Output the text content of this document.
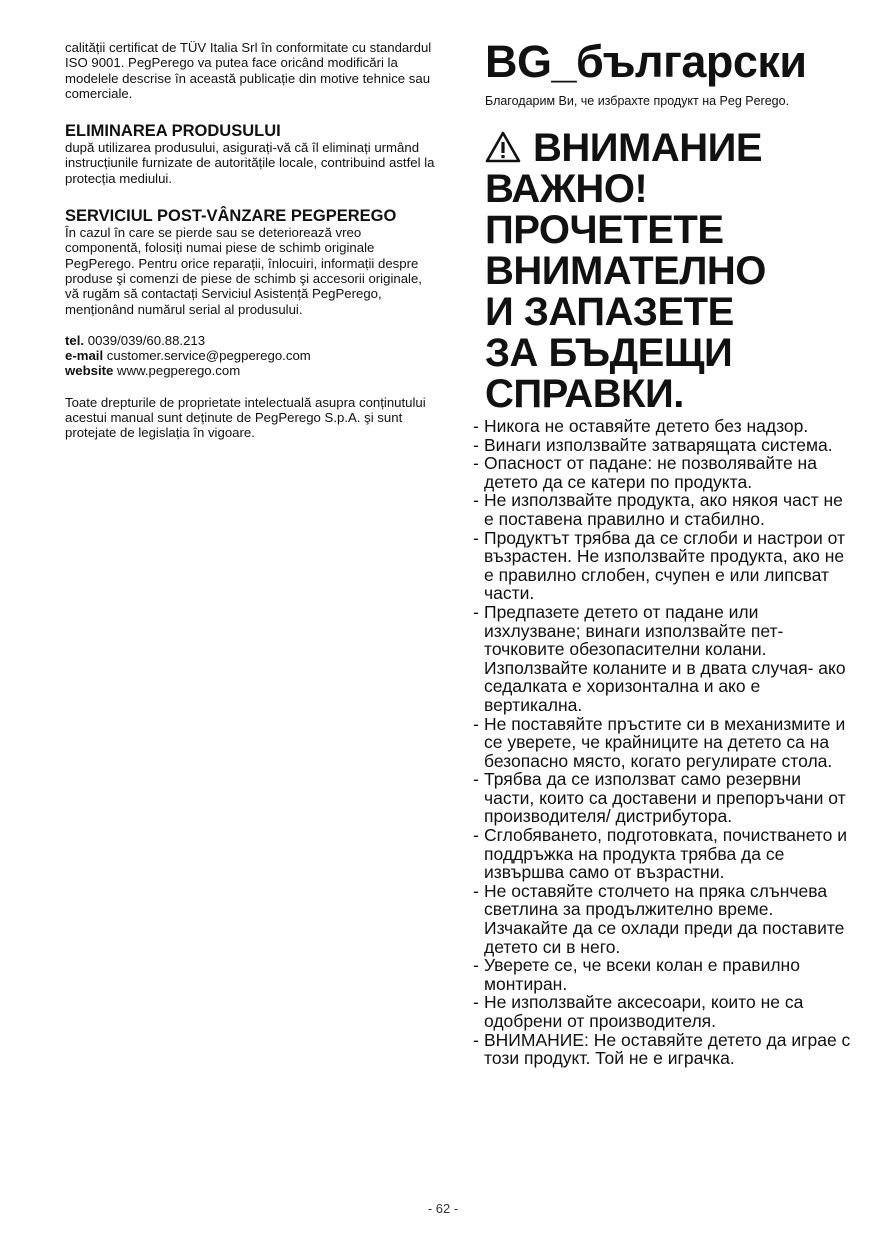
calității certificat de TÜV Italia Srl în conformitate cu standardul ISO 9001. PegPerego va putea face oricând modificări la modelele descrise în această publicație din motive tehnice sau comerciale.

ELIMINAREA PRODUSULUI

după utilizarea produsului, asigurați-vă că îl eliminați urmând instrucțiunile furnizate de autoritățile locale, contribuind astfel la protecția mediului.

SERVICIUL POST-VÂNZARE PEGPEREGO

În cazul în care se pierde sau se deteriorează vreo componentă, folosiți numai piese de schimb originale PegPerego. Pentru orice reparații, înlocuiri, informații despre produse şi comenzi de piese de schimb şi accesorii originale, vă rugăm să contactați Serviciul Asistență PegPerego, menționând numărul serial al produsului.

tel. 0039/039/60.88.213

e-mail customer.service@pegperego.com

website www.pegperego.com

Toate drepturile de proprietate intelectuală asupra conținutului acestui manual sunt deținute de PegPerego S.p.A. şi sunt protejate de legislația în vigoare.

BG_български
Благодарим Ви, че избрахте продукт на Peg Perego.
ВНИМАНИЕ
ВАЖНО!
ПРОЧЕТЕТЕ
ВНИМАТЕЛНО
И ЗАПАЗЕТЕ
ЗА БЪДЕЩИ
СПРАВКИ.
- Никога не оставяйте детето без надзор.
- Винаги използвайте затварящата система.
- Опасност от падане: не позволявайте на детето да се катери по продукта.
- Не използвайте продукта, ако някоя част не е поставена правилно и стабилно.
- Продуктът трябва да се сглоби и настрои от възрастен. Не използвайте продукта, ако не е правилно сглобен, счупен е или липсват части.
- Предпазете детето от падане или изхлузване; винаги използвайте пет-точковите обезопасителни колани. Използвайте коланите и в двата случая- ако седалката е хоризонтална и ако е вертикална.
- Не поставяйте пръстите си в механизмите и се уверете, че крайниците на детето са на безопасно място, когато регулирате стола.
- Трябва да се използват само резервни части, които са доставени и препоръчани от производителя/ дистрибутора.
- Сглобяването, подготовката, почистването и поддръжка на продукта трябва да се извършва само от възрастни.
- Не оставяйте столчето на пряка слънчева светлина за продължително време. Изчакайте да се охлади преди да поставите детето си в него.
- Уверете се, че всеки колан е правилно монтиран.
- Не използвайте аксесоари, които не са одобрени от производителя.
- ВНИМАНИЕ: Не оставяйте детето да играе с този продукт. Той не е играчка.
- 62 -
